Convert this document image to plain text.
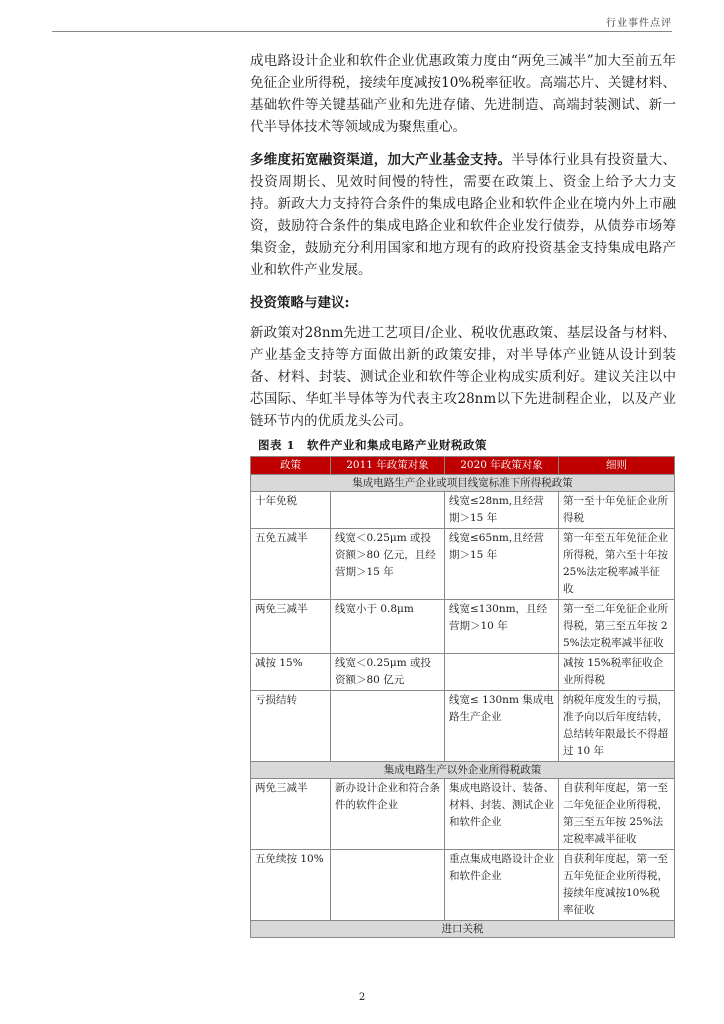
行业事件点评

成电路设计企业和软件企业优惠政策力度由“两免三减半”加大至前五年免征企业所得税，接续年度减按10%税率征收。高端芯片、关键材料、基础软件等关键基础产业和先进存储、先进制造、高端封装测试、新一代半导体技术等领域成为聚焦重心。

多维度拓宽融资渠道，加大产业基金支持。半导体行业具有投资量大、投资周期长、见效时间慢的特性，需要在政策上、资金上给予大力支持。新政大力支持符合条件的集成电路企业和软件企业在境内外上市融资，鼓励符合条件的集成电路企业和软件企业发行债券，从债券市场筹集资金，鼓励充分利用国家和地方现有的政府投资基金支持集成电路产业和软件产业发展。

投资策略与建议:

新政策对28nm先进工艺项目/企业、税收优惠政策、基层设备与材料、产业基金支持等方面做出新的政策安排，对半导体产业链从设计到装备、材料、封装、测试企业和软件等企业构成实质利好。建议关注以中芯国际、华虹半导体等为代表主攻28nm以下先进制程企业，以及产业链环节内的优质龙头公司。

图表 1　软件产业和集成电路产业财税政策
政策	2011 年政策对象	2020 年政策对象	细则
集成电路生产企业或项目线宽标准下所得税政策			
十年免税		线宽≤28nm,且经营期＞15 年	第一至十年免征企业所得税
五免五减半	线宽＜0.25μm 或投资额＞80 亿元，且经营期＞15 年	线宽≤65nm,且经营期＞15 年	第一年至五年免征企业所得税，第六至十年按 25%法定税率减半征收
两免三减半	线宽小于 0.8μm	线宽≤130nm，且经营期＞10 年	第一至二年免征企业所得税，第三至五年按 25%法定税率减半征收
减按 15%	线宽＜0.25μm 或投资额＞80 亿元		减按 15%税率征收企业所得税
亏损结转		线宽≤ 130nm 集成电路生产企业	纳税年度发生的亏损，准予向以后年度结转，总结转年限最长不得超过 10 年
集成电路生产以外企业所得税政策			
两免三减半	新办设计企业和符合条件的软件企业	集成电路设计、装备、材料、封装、测试企业和软件企业	自获利年度起，第一至二年免征企业所得税，第三至五年按 25%法定税率减半征收
五免续按 10%		重点集成电路设计企业和软件企业	自获利年度起，第一至五年免征企业所得税，接续年度减按10%税率征收
进口关税			
2
